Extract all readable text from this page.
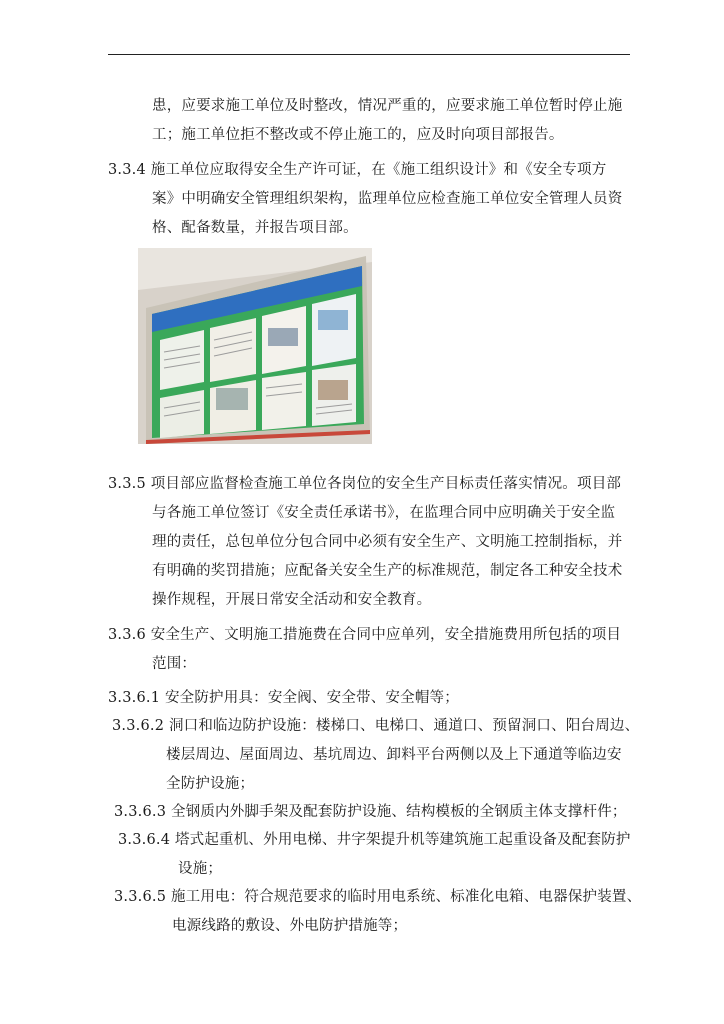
患，应要求施工单位及时整改，情况严重的，应要求施工单位暂时停止施
工；施工单位拒不整改或不停止施工的，应及时向项目部报告。
3.3.4 施工单位应取得安全生产许可证，在《施工组织设计》和《安全专项方
案》中明确安全管理组织架构，监理单位应检查施工单位安全管理人员资
格、配备数量，并报告项目部。
3.3.5 项目部应监督检查施工单位各岗位的安全生产目标责任落实情况。项目部
与各施工单位签订《安全责任承诺书》，在监理合同中应明确关于安全监
理的责任，总包单位分包合同中必须有安全生产、文明施工控制指标，并
有明确的奖罚措施；应配备关安全生产的标准规范，制定各工种安全技术
操作规程，开展日常安全活动和安全教育。
3.3.6 安全生产、文明施工措施费在合同中应单列，安全措施费用所包括的项目
范围：
3.3.6.1 安全防护用具：安全阀、安全带、安全帽等；
3.3.6.2 洞口和临边防护设施：楼梯口、电梯口、通道口、预留洞口、阳台周边、
楼层周边、屋面周边、基坑周边、卸料平台两侧以及上下通道等临边安
全防护设施；
3.3.6.3 全钢质内外脚手架及配套防护设施、结构模板的全钢质主体支撑杆件；
3.3.6.4 塔式起重机、外用电梯、井字架提升机等建筑施工起重设备及配套防护
设施；
3.3.6.5 施工用电：符合规范要求的临时用电系统、标准化电箱、电器保护装置、
电源线路的敷设、外电防护措施等；
